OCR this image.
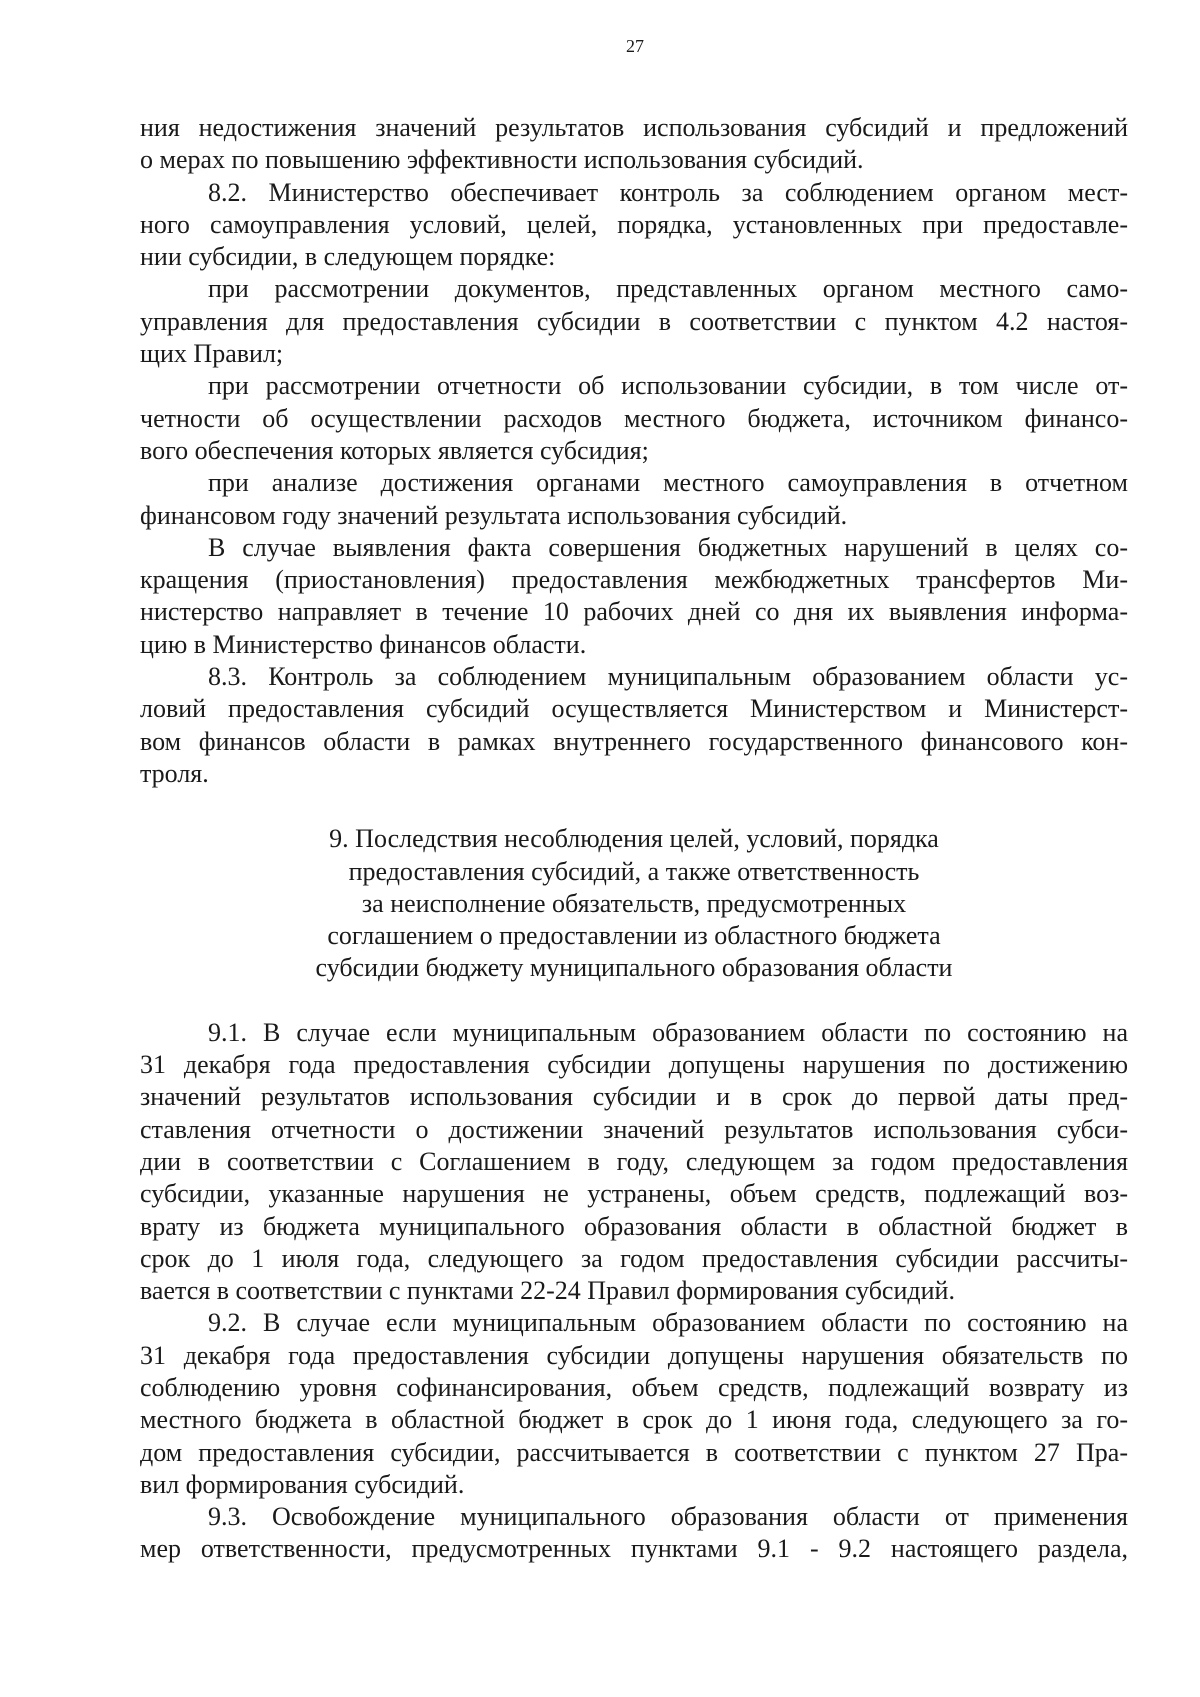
27
ния недостижения значений результатов использования субсидий и предложений
о мерах по повышению эффективности использования субсидий.
8.2. Министерство обеспечивает контроль за соблюдением органом мест-
ного самоуправления условий, целей, порядка, установленных при предоставле-
нии субсидии, в следующем порядке:
при рассмотрении документов, представленных органом местного само-
управления для предоставления субсидии в соответствии с пунктом 4.2 настоя-
щих Правил;
при рассмотрении отчетности об использовании субсидии, в том числе от-
четности об осуществлении расходов местного бюджета, источником финансо-
вого обеспечения которых является субсидия;
при анализе достижения органами местного самоуправления в отчетном
финансовом году значений результата использования субсидий.
В случае выявления факта совершения бюджетных нарушений в целях со-
кращения (приостановления) предоставления межбюджетных трансфертов Ми-
нистерство направляет в течение 10 рабочих дней со дня их выявления информа-
цию в Министерство финансов области.
8.3. Контроль за соблюдением муниципальным образованием области ус-
ловий предоставления субсидий осуществляется Министерством и Министерст-
вом финансов области в рамках внутреннего государственного финансового кон-
троля.
9. Последствия несоблюдения целей, условий, порядка
предоставления субсидий, а также ответственность
за неисполнение обязательств, предусмотренных
соглашением о предоставлении из областного бюджета
субсидии бюджету муниципального образования области
9.1. В случае если муниципальным образованием области по состоянию на
31 декабря года предоставления субсидии допущены нарушения по достижению
значений результатов использования субсидии и в срок до первой даты пред-
ставления отчетности о достижении значений результатов использования субси-
дии в соответствии с Соглашением в году, следующем за годом предоставления
субсидии, указанные нарушения не устранены, объем средств, подлежащий воз-
врату из бюджета муниципального образования области в областной бюджет в
срок до 1 июля года, следующего за годом предоставления субсидии рассчиты-
вается в соответствии с пунктами 22-24 Правил формирования субсидий.
9.2. В случае если муниципальным образованием области по состоянию на
31 декабря года предоставления субсидии допущены нарушения обязательств по
соблюдению уровня софинансирования, объем средств, подлежащий возврату из
местного бюджета в областной бюджет в срок до 1 июня года, следующего за го-
дом предоставления субсидии, рассчитывается в соответствии с пунктом 27 Пра-
вил формирования субсидий.
9.3. Освобождение муниципального образования области от применения
мер ответственности, предусмотренных пунктами 9.1 - 9.2 настоящего раздела,
